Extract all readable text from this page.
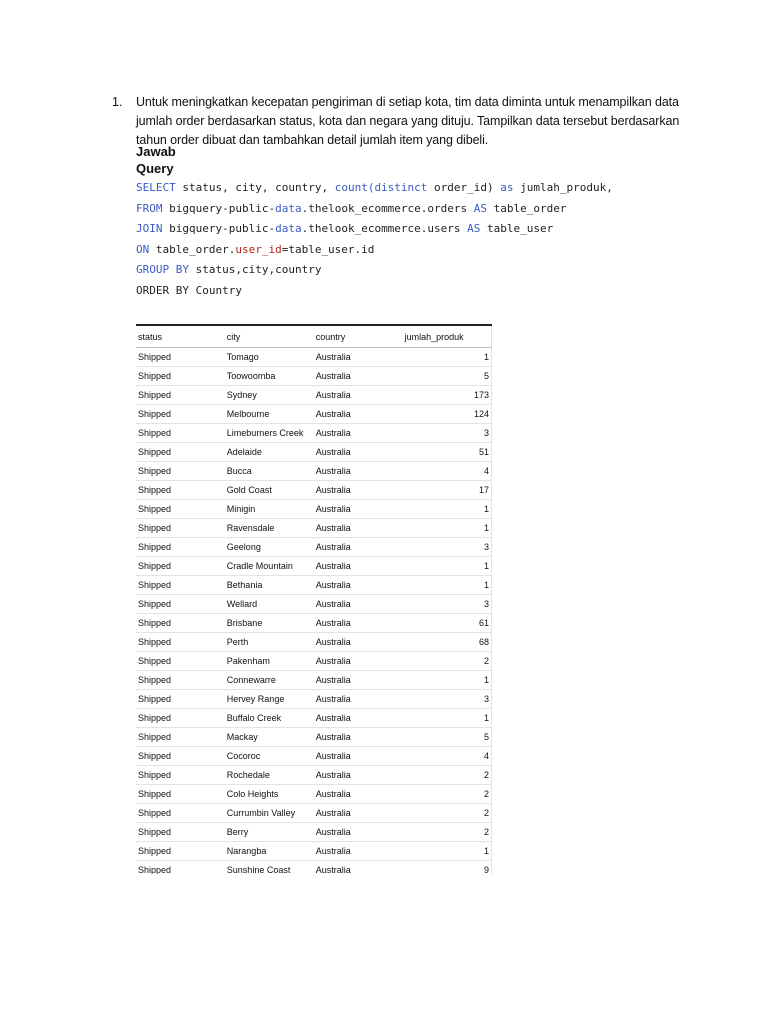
1. Untuk meningkatkan kecepatan pengiriman di setiap kota, tim data diminta untuk menampilkan data
jumlah order berdasarkan status, kota dan negara yang dituju. Tampilkan data tersebut berdasarkan
tahun order dibuat dan tambahkan detail jumlah item yang dibeli.
Jawab
Query
SELECT status, city, country, count(distinct order_id) as jumlah_produk,
FROM bigquery-public-data.thelook_ecommerce.orders AS table_order
JOIN bigquery-public-data.thelook_ecommerce.users AS table_user
ON table_order.user_id=table_user.id
GROUP BY status,city,country
ORDER BY Country
status	city	country	jumlah_produk
Shipped	Tomago	Australia	1
Shipped	Toowoomba	Australia	5
Shipped	Sydney	Australia	173
Shipped	Melbourne	Australia	124
Shipped	Limeburners Creek	Australia	3
Shipped	Adelaide	Australia	51
Shipped	Bucca	Australia	4
Shipped	Gold Coast	Australia	17
Shipped	Minigin	Australia	1
Shipped	Ravensdale	Australia	1
Shipped	Geelong	Australia	3
Shipped	Cradle Mountain	Australia	1
Shipped	Bethania	Australia	1
Shipped	Wellard	Australia	3
Shipped	Brisbane	Australia	61
Shipped	Perth	Australia	68
Shipped	Pakenham	Australia	2
Shipped	Connewarre	Australia	1
Shipped	Hervey Range	Australia	3
Shipped	Buffalo Creek	Australia	1
Shipped	Mackay	Australia	5
Shipped	Cocoroc	Australia	4
Shipped	Rochedale	Australia	2
Shipped	Colo Heights	Australia	2
Shipped	Currumbin Valley	Australia	2
Shipped	Berry	Australia	2
Shipped	Narangba	Australia	1
Shipped	Sunshine Coast	Australia	9
